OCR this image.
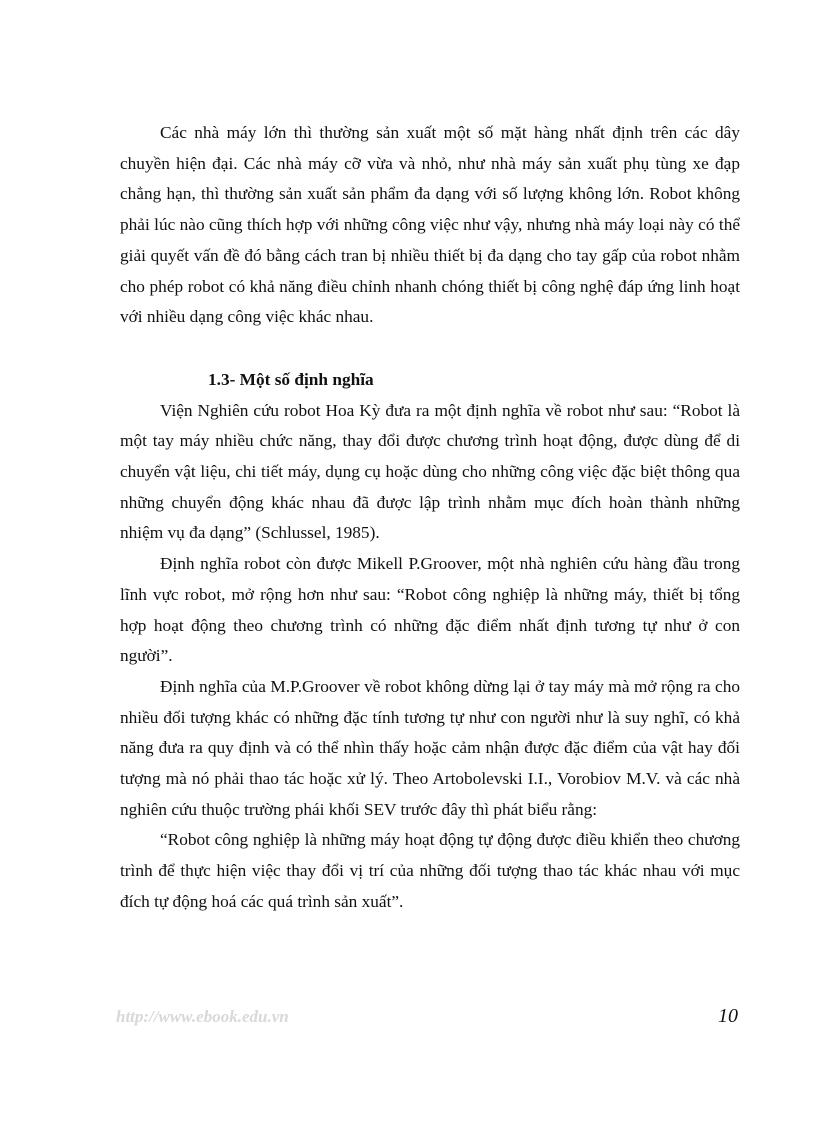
Các nhà máy lớn thì thường sản xuất một số mặt hàng nhất định trên các dây chuyền hiện đại. Các nhà máy cỡ vừa và nhỏ, như nhà máy sản xuất phụ tùng xe đạp chẳng hạn, thì thường sản xuất sản phẩm đa dạng với số lượng không lớn. Robot không phải lúc nào cũng thích hợp với những công việc như vậy, nhưng nhà máy loại này có thể giải quyết vấn đề đó bằng cách tran bị nhiều thiết bị đa dạng cho tay gấp của robot nhằm cho phép robot có khả năng điều chỉnh nhanh chóng thiết bị công nghệ đáp ứng linh hoạt với nhiều dạng công việc khác nhau.

1.3- Một số định nghĩa

Viện Nghiên cứu robot Hoa Kỳ đưa ra một định nghĩa về robot như sau: “Robot là một tay máy nhiều chức năng, thay đổi được chương trình hoạt động, được dùng để di chuyển vật liệu, chi tiết máy, dụng cụ hoặc dùng cho những công việc đặc biệt thông qua những chuyển động khác nhau đã được lập trình nhằm mục đích hoàn thành những nhiệm vụ đa dạng” (Schlussel, 1985).

Định nghĩa robot còn được Mikell P.Groover, một nhà nghiên cứu hàng đầu trong lĩnh vực robot, mở rộng hơn như sau: “Robot công nghiệp là những máy, thiết bị tổng hợp hoạt động theo chương trình có những đặc điểm nhất định tương tự như ở con người”.

Định nghĩa của M.P.Groover về robot không dừng lại ở tay máy mà mở rộng ra cho nhiều đối tượng khác có những đặc tính tương tự như con người như là suy nghĩ, có khả năng đưa ra quy định và có thể nhìn thấy hoặc cảm nhận được đặc điểm của vật hay đối tượng mà nó phải thao tác hoặc xử lý. Theo Artobolevski I.I., Vorobiov M.V. và các nhà nghiên cứu thuộc trường phái khối SEV trước đây thì phát biểu rằng:

“Robot công nghiệp là những máy hoạt động tự động được điều khiển theo chương trình để thực hiện việc thay đổi vị trí của những đối tượng thao tác khác nhau với mục đích tự động hoá các quá trình sản xuất”.

http://www.ebook.edu.vn	10
